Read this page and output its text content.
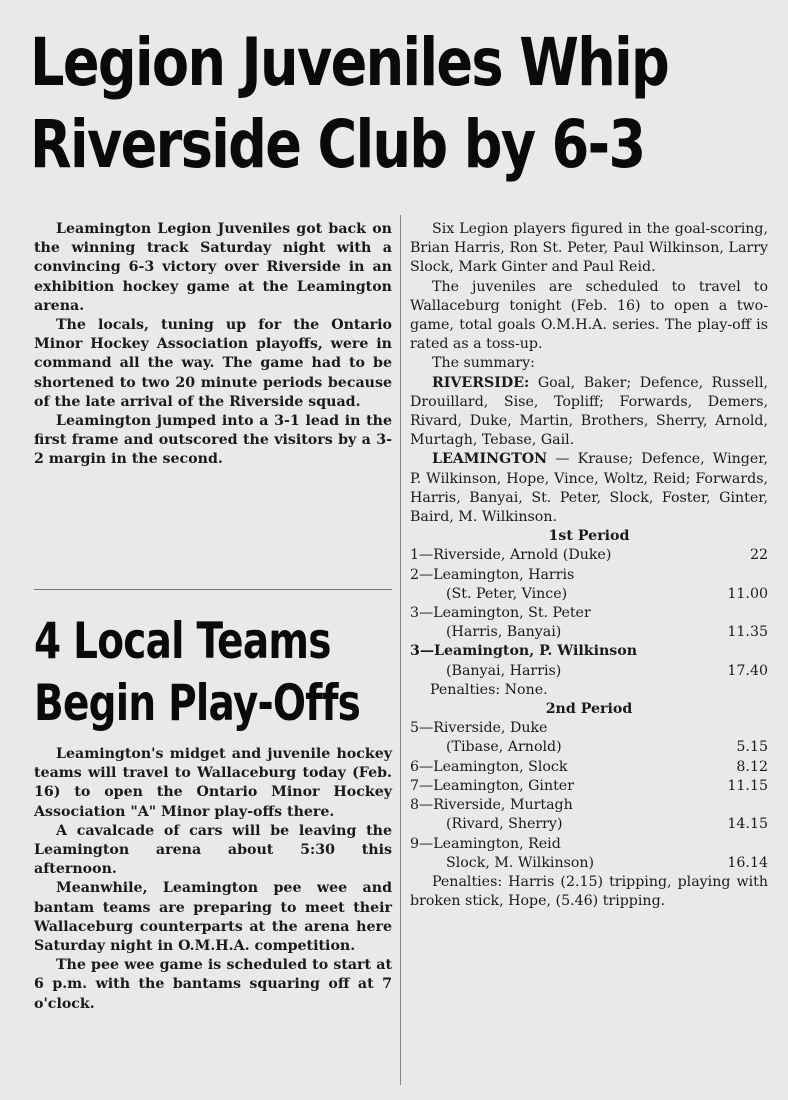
Legion Juveniles Whip
Riverside Club by 6-3

Leamington Legion Juveniles got back on the winning track Saturday night with a convincing 6-3 victory over Riverside in an exhibition hockey game at the Leamington arena.

The locals, tuning up for the Ontario Minor Hockey Association playoffs, were in command all the way. The game had to be shortened to two 20 minute periods because of the late arrival of the Riverside squad.

Leamington jumped into a 3-1 lead in the first frame and outscored the visitors by a 3-2 margin in the second.

4 Local Teams
Begin Play-Offs

Leamington's midget and juvenile hockey teams will travel to Wallaceburg today (Feb. 16) to open the Ontario Minor Hockey Association "A" Minor play-offs there.

A cavalcade of cars will be leaving the Leamington arena about 5:30 this afternoon.

Meanwhile, Leamington pee wee and bantam teams are preparing to meet their Wallaceburg counterparts at the arena here Saturday night in O.M.H.A. competition.

The pee wee game is scheduled to start at 6 p.m. with the bantams squaring off at 7 o'clock.

Six Legion players figured in the goal-scoring, Brian Harris, Ron St. Peter, Paul Wilkinson, Larry Slock, Mark Ginter and Paul Reid.

The juveniles are scheduled to travel to Wallaceburg tonight (Feb. 16) to open a two-game, total goals O.M.H.A. series. The play-off is rated as a toss-up.

The summary:

RIVERSIDE: Goal, Baker; Defence, Russell, Drouillard, Sise, Topliff; Forwards, Demers, Rivard, Duke, Martin, Brothers, Sherry, Arnold, Murtagh, Tebase, Gail.

LEAMINGTON — Krause; Defence, Winger, P. Wilkinson, Hope, Vince, Woltz, Reid; Forwards, Harris, Banyai, St. Peter, Slock, Foster, Ginter, Baird, M. Wilkinson.

1st Period

1—Riverside, Arnold (Duke)	22
2—Leamington, Harris
(St. Peter, Vince)	11.00
3—Leamington, St. Peter
(Harris, Banyai)	11.35
3—Leamington, P. Wilkinson
(Banyai, Harris)	17.40
Penalties: None.

2nd Period

5—Riverside, Duke
(Tibase, Arnold)	5.15
6—Leamington, Slock	8.12
7—Leamington, Ginter	11.15
8—Riverside, Murtagh
(Rivard, Sherry)	14.15
9—Leamington, Reid
Slock, M. Wilkinson)	16.14

Penalties: Harris (2.15) tripping, playing with broken stick, Hope, (5.46) tripping.
